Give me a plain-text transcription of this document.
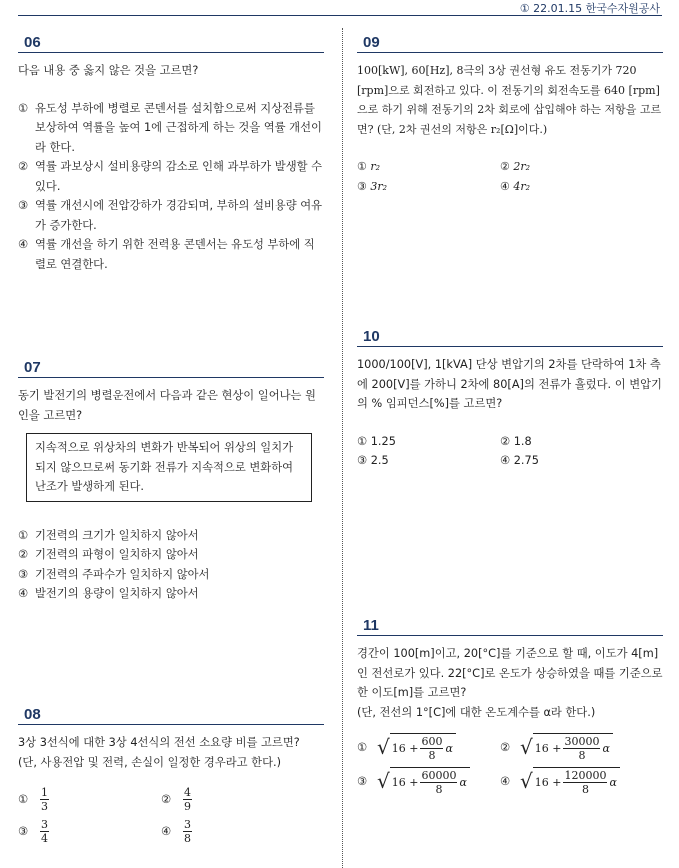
① 22.01.15 한국수자원공사
06
다음 내용 중 옳지 않은 것을 고르면?
① 유도성 부하에 병렬로 콘덴서를 설치함으로써 지상전류를 보상하여 역률을 높여 1에 근접하게 하는 것을 역률 개선이라 한다.
② 역률 과보상시 설비용량의 감소로 인해 과부하가 발생할 수 있다.
③ 역률 개선시에 전압강하가 경감되며, 부하의 설비용량 여유가 증가한다.
④ 역률 개선을 하기 위한 전력용 콘덴서는 유도성 부하에 직렬로 연결한다.
07
동기 발전기의 병렬운전에서 다음과 같은 현상이 일어나는 원인을 고르면?
지속적으로 위상차의 변화가 반복되어 위상의 일치가 되지 않으므로써 동기화 전류가 지속적으로 변화하여 난조가 발생하게 된다.
① 기전력의 크기가 일치하지 않아서
② 기전력의 파형이 일치하지 않아서
③ 기전력의 주파수가 일치하지 않아서
④ 발전기의 용량이 일치하지 않아서
08
3상 3선식에 대한 3상 4선식의 전선 소요량 비를 고르면?
(단, 사용전압 및 전력, 손실이 일정한 경우라고 한다.)
①	$\frac{1}{3}$	②	$\frac{4}{9}$
③	$\frac{3}{4}$	④	$\frac{3}{8}$
09
100[kW], 60[Hz], 8극의 3상 권선형 유도 전동기가 720 [rpm]으로 회전하고 있다. 이 전동기의 회전속도를 640 [rpm]으로 하기 위해 전동기의 2차 회로에 삽입해야 하는 저항을 고르면? (단, 2차 권선의 저항은 r₂[Ω]이다.)
① r₂	② 2r₂
③ 3r₂	④ 4r₂
10
1000/100[V], 1[kVA] 단상 변압기의 2차를 단락하여 1차 측에 200[V]를 가하니 2차에 80[A]의 전류가 흘렀다. 이 변압기의 % 임피던스[%]를 고르면?
① 1.25	② 1.8
③ 2.5	④ 2.75
11
경간이 100[m]이고, 20[°C]를 기준으로 할 때, 이도가 4[m]인 전선로가 있다. 22[°C]로 온도가 상승하였을 때를 기준으로 한 이도[m]를 고르면?
(단, 전선의 1°[C]에 대한 온도계수를 α라 한다.)
① √ $16 + \frac{600}{8}$ α	② √ $16 + \frac{30000}{8}$ α
③ √ $16 + \frac{60000}{8}$ α	④ √ $16 + \frac{120000}{8}$ α
